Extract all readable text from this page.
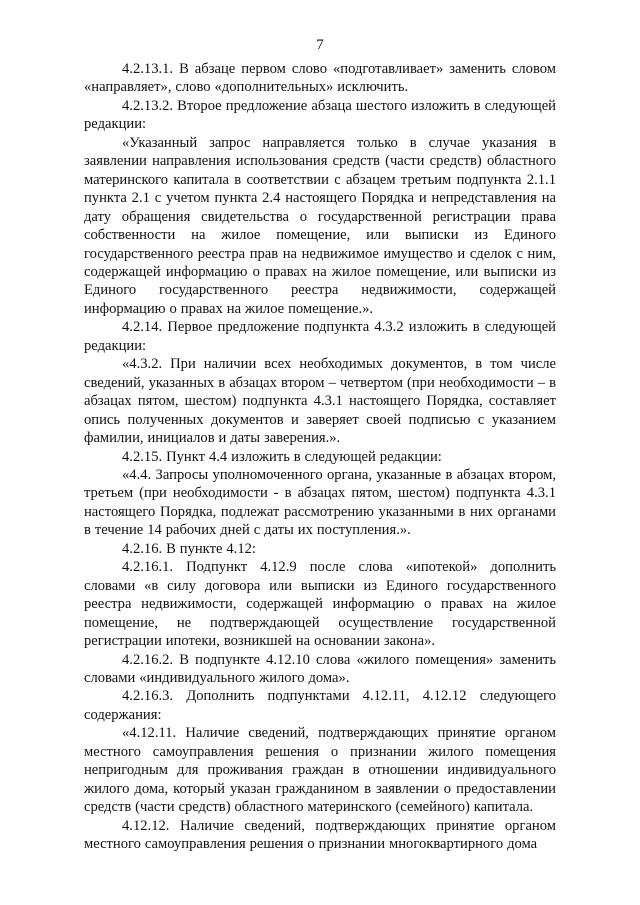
7

4.2.13.1. В абзаце первом слово «подготавливает» заменить словом «направляет», слово «дополнительных» исключить.

4.2.13.2. Второе предложение абзаца шестого изложить в следующей редакции:

«Указанный запрос направляется только в случае указания в заявлении направления использования средств (части средств) областного материнского капитала в соответствии с абзацем третьим подпункта 2.1.1 пункта 2.1 с учетом пункта 2.4 настоящего Порядка и непредставления на дату обращения свидетельства о государственной регистрации права собственности на жилое помещение, или выписки из Единого государственного реестра прав на недвижимое имущество и сделок с ним, содержащей информацию о правах на жилое помещение, или выписки из Единого государственного реестра недвижимости, содержащей информацию о правах на жилое помещение.».

4.2.14. Первое предложение подпункта 4.3.2 изложить в следующей редакции:

«4.3.2. При наличии всех необходимых документов, в том числе сведений, указанных в абзацах втором – четвертом (при необходимости – в абзацах пятом, шестом) подпункта 4.3.1 настоящего Порядка, составляет опись полученных документов и заверяет своей подписью с указанием фамилии, инициалов и даты заверения.».

4.2.15. Пункт 4.4 изложить в следующей редакции:

«4.4. Запросы уполномоченного органа, указанные в абзацах втором, третьем (при необходимости - в абзацах пятом, шестом) подпункта 4.3.1 настоящего Порядка, подлежат рассмотрению указанными в них органами в течение 14 рабочих дней с даты их поступления.».

4.2.16. В пункте 4.12:

4.2.16.1. Подпункт 4.12.9 после слова «ипотекой» дополнить словами «в силу договора или выписки из Единого государственного реестра недвижимости, содержащей информацию о правах на жилое помещение, не подтверждающей осуществление государственной регистрации ипотеки, возникшей на основании закона».

4.2.16.2. В подпункте 4.12.10 слова «жилого помещения» заменить словами «индивидуального жилого дома».

4.2.16.3. Дополнить подпунктами 4.12.11, 4.12.12 следующего содержания:

«4.12.11. Наличие сведений, подтверждающих принятие органом местного самоуправления решения о признании жилого помещения непригодным для проживания граждан в отношении индивидуального жилого дома, который указан гражданином в заявлении о предоставлении средств (части средств) областного материнского (семейного) капитала.

4.12.12. Наличие сведений, подтверждающих принятие органом местного самоуправления решения о признании многоквартирного дома
